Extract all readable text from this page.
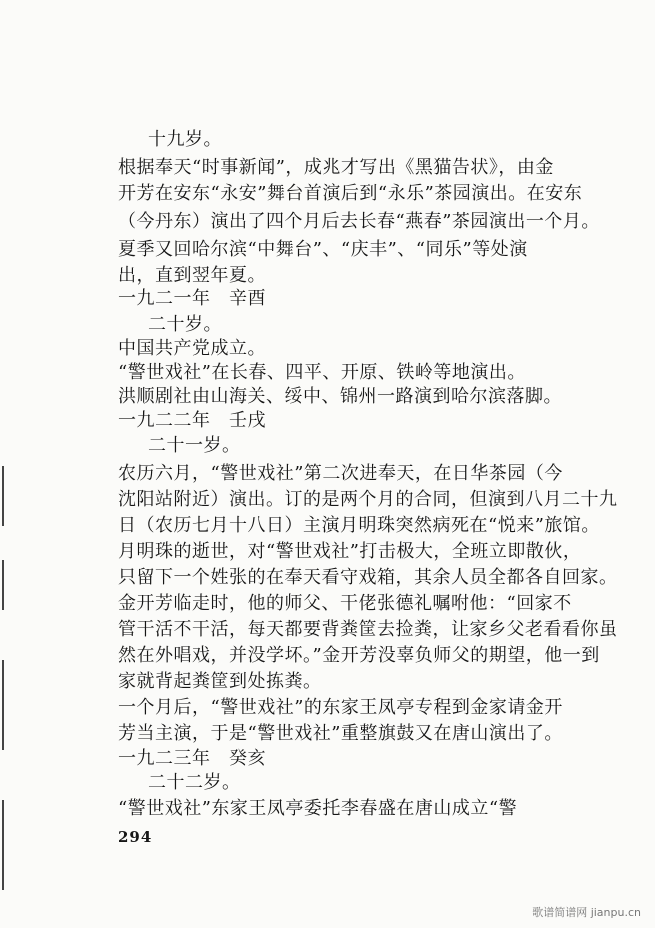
十九岁。
根据奉天“时事新闻”，成兆才写出《黑猫告状》，由金
开芳在安东“永安”舞台首演后到“永乐”茶园演出。在安东
（今丹东）演出了四个月后去长春“燕春”茶园演出一个月。
夏季又回哈尔滨“中舞台”、“庆丰”、“同乐”等处演
出，直到翌年夏。
一九二一年　辛酉
二十岁。
中国共产党成立。
“警世戏社”在长春、四平、开原、铁岭等地演出。
洪顺剧社由山海关、绥中、锦州一路演到哈尔滨落脚。
一九二二年　壬戌
二十一岁。
农历六月，“警世戏社”第二次进奉天，在日华茶园（今
沈阳站附近）演出。订的是两个月的合同，但演到八月二十九
日（农历七月十八日）主演月明珠突然病死在“悦来”旅馆。
月明珠的逝世，对“警世戏社”打击极大，全班立即散伙，
只留下一个姓张的在奉天看守戏箱，其余人员全都各自回家。
金开芳临走时，他的师父、干佬张德礼嘱咐他：“回家不
管干活不干活，每天都要背粪筐去捡粪，让家乡父老看看你虽
然在外唱戏，并没学坏。”金开芳没辜负师父的期望，他一到
家就背起粪筐到处拣粪。
一个月后，“警世戏社”的东家王凤亭专程到金家请金开
芳当主演，于是“警世戏社”重整旗鼓又在唐山演出了。
一九二三年　癸亥
二十二岁。
“警世戏社”东家王凤亭委托李春盛在唐山成立“警
294
歌谱简谱网 jianpu.cn
